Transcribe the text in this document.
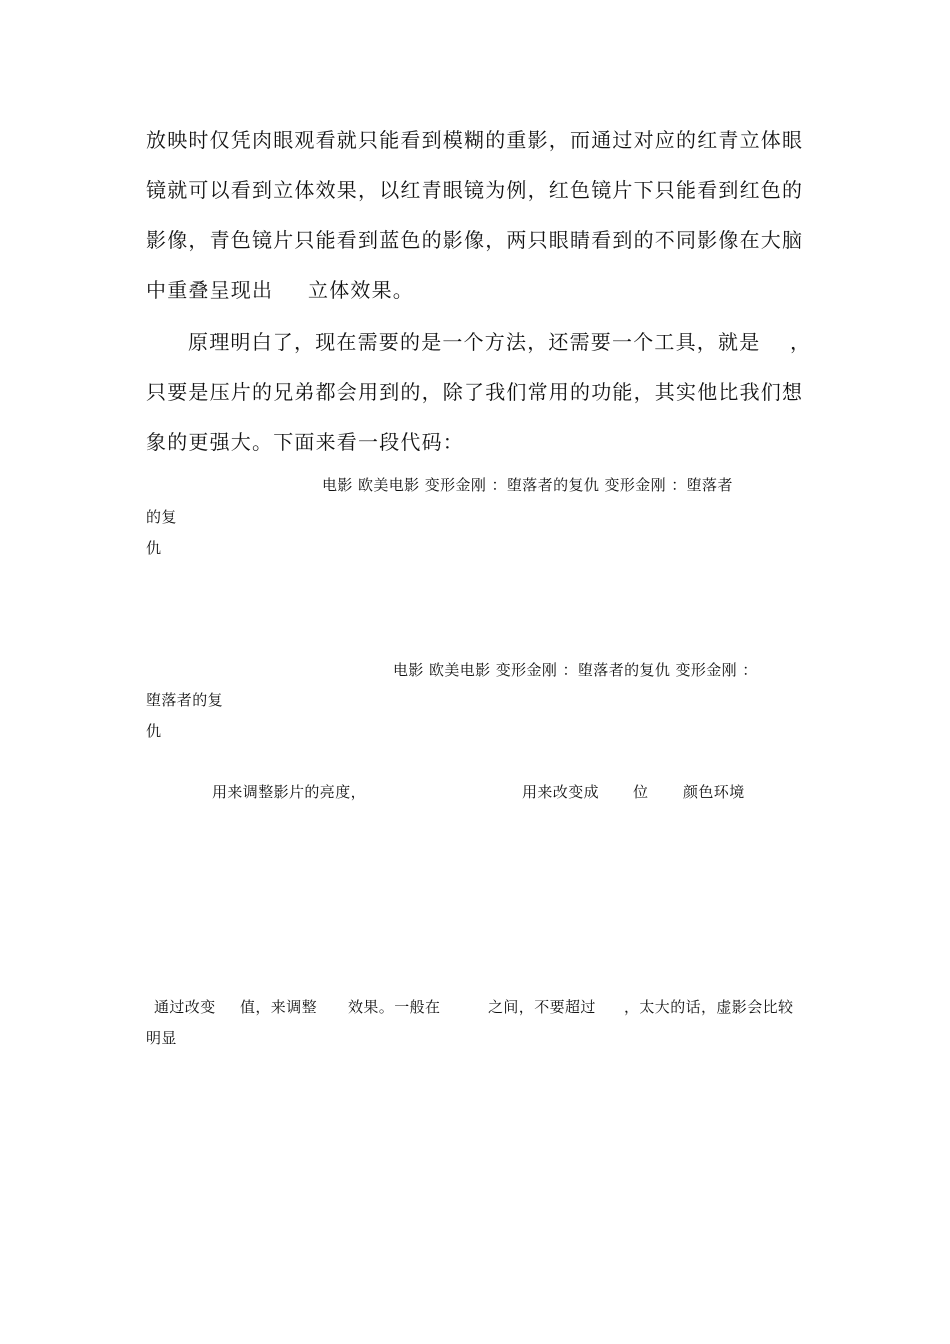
放映时仅凭肉眼观看就只能看到模糊的重影，而通过对应的红青立体眼

镜就可以看到立体效果，以红青眼镜为例，红色镜片下只能看到红色的

影像，青色镜片只能看到蓝色的影像，两只眼睛看到的不同影像在大脑

中重叠呈现出 立体效果。
原理明白了，现在需要的是一个方法，还需要一个工具，就是 ，

只要是压片的兄弟都会用到的，除了我们常用的功能，其实他比我们想

象的更强大。下面来看一段代码：

电影 欧美电影 变形金刚 ：堕落者的复仇 变形金刚 ：堕落者

的复

仇

电影 欧美电影 变形金刚 ：堕落者的复仇 变形金刚 ：

堕落者的复

仇

用来调整影片的亮度，	用来改变成 位 颜色环境
通过改变 值，来调整 效果。一般在	之间，不要超过 ，太大的话，虚影会比较

明显
